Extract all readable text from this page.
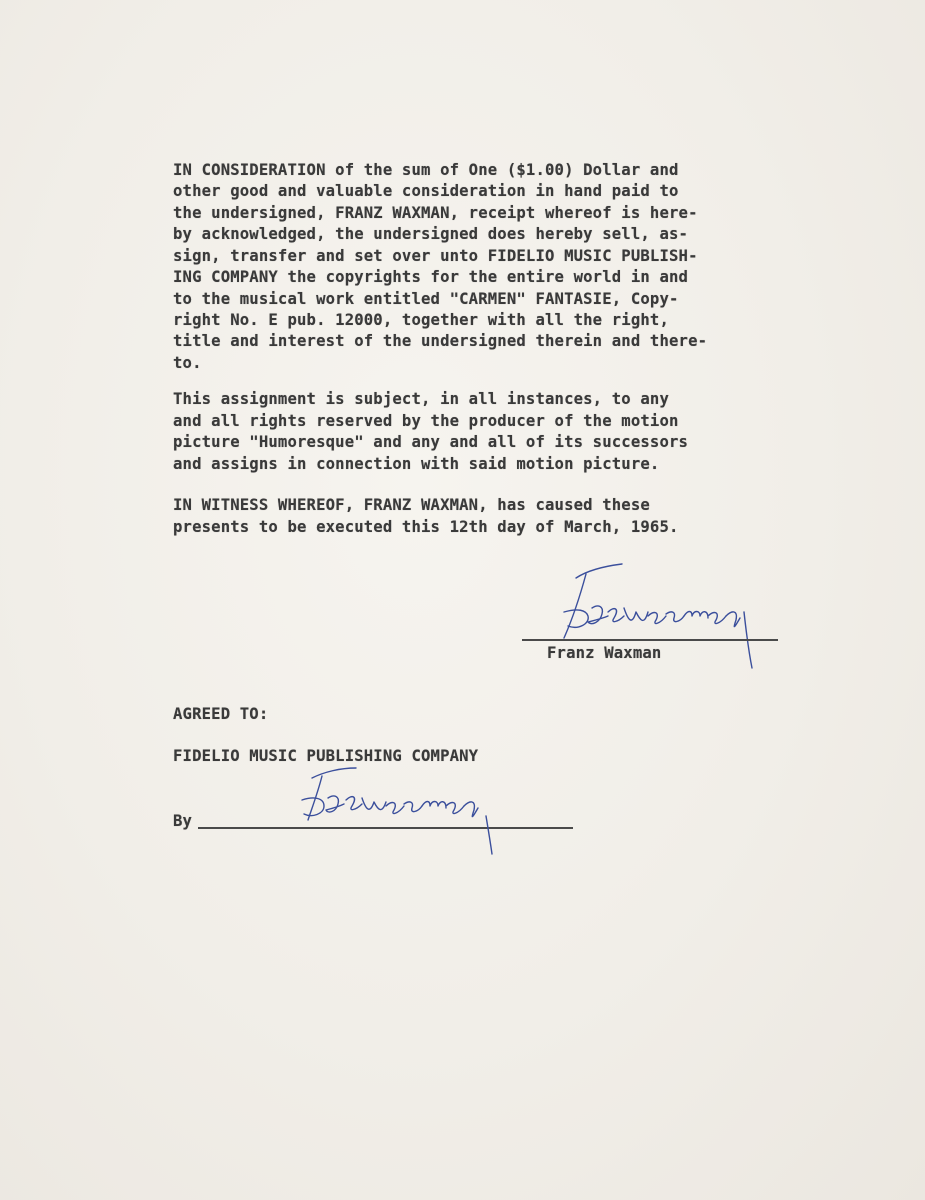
IN CONSIDERATION of the sum of One ($1.00) Dollar and
other good and valuable consideration in hand paid to
the undersigned, FRANZ WAXMAN, receipt whereof is here-
by acknowledged, the undersigned does hereby sell, as-
sign, transfer and set over unto FIDELIO MUSIC PUBLISH-
ING COMPANY the copyrights for the entire world in and
to the musical work entitled "CARMEN" FANTASIE, Copy-
right No. E pub. 12000, together with all the right,
title and interest of the undersigned therein and there-
to.
This assignment is subject, in all instances, to any
and all rights reserved by the producer of the motion
picture "Humoresque" and any and all of its successors
and assigns in connection with said motion picture.
IN WITNESS WHEREOF, FRANZ WAXMAN, has caused these
presents to be executed this 12th day of March, 1965.
Franz Waxman
AGREED TO:
FIDELIO MUSIC PUBLISHING COMPANY
By
